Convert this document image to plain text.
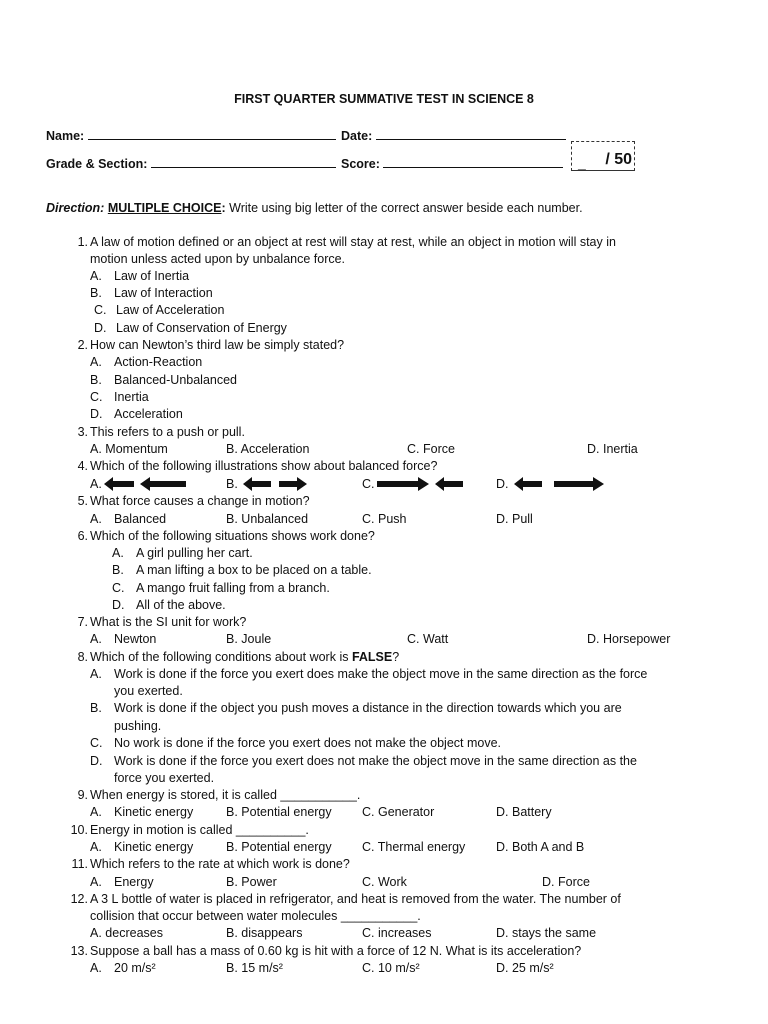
FIRST QUARTER SUMMATIVE TEST IN SCIENCE 8
Name:	Date:
Grade & Section:	Score:	_ / 50
Direction: MULTIPLE CHOICE: Write using big letter of the correct answer beside each number.
1. A law of motion defined or an object at rest will stay at rest, while an object in motion will stay in
motion unless acted upon by unbalance force.
A. Law of Inertia
B. Law of Interaction
C. Law of Acceleration
D. Law of Conservation of Energy
2. How can Newton’s third law be simply stated?
A. Action-Reaction
B. Balanced-Unbalanced
C. Inertia
D. Acceleration
3. This refers to a push or pull.
A. Momentum	B. Acceleration	C. Force	D. Inertia
4. Which of the following illustrations show about balanced force?
A.	B.	C.	D.
5. What force causes a change in motion?
A. Balanced	B. Unbalanced	C. Push	D. Pull
6. Which of the following situations shows work done?
A. A girl pulling her cart.
B. A man lifting a box to be placed on a table.
C. A mango fruit falling from a branch.
D. All of the above.
7. What is the SI unit for work?
A. Newton	B. Joule	C. Watt	D. Horsepower
8. Which of the following conditions about work is FALSE?
A. Work is done if the force you exert does make the object move in the same direction as the force
you exerted.
B. Work is done if the object you push moves a distance in the direction towards which you are
pushing.
C. No work is done if the force you exert does not make the object move.
D. Work is done if the force you exert does not make the object move in the same direction as the
force you exerted.
9. When energy is stored, it is called ___________.
A. Kinetic energy	B. Potential energy C. Generator	D. Battery
10. Energy in motion is called __________.
A. Kinetic energy	B. Potential energy C. Thermal energy D. Both A and B
11. Which refers to the rate at which work is done?
A. Energy	B. Power	C. Work	D. Force
12. A 3 L bottle of water is placed in refrigerator, and heat is removed from the water. The number of
collision that occur between water molecules ___________.
A. decreases	B. disappears	C. increases	D. stays the same
13. Suppose a ball has a mass of 0.60 kg is hit with a force of 12 N. What is its acceleration?
A. 20 m/s²	B. 15 m/s²	C. 10 m/s²	D. 25 m/s²
